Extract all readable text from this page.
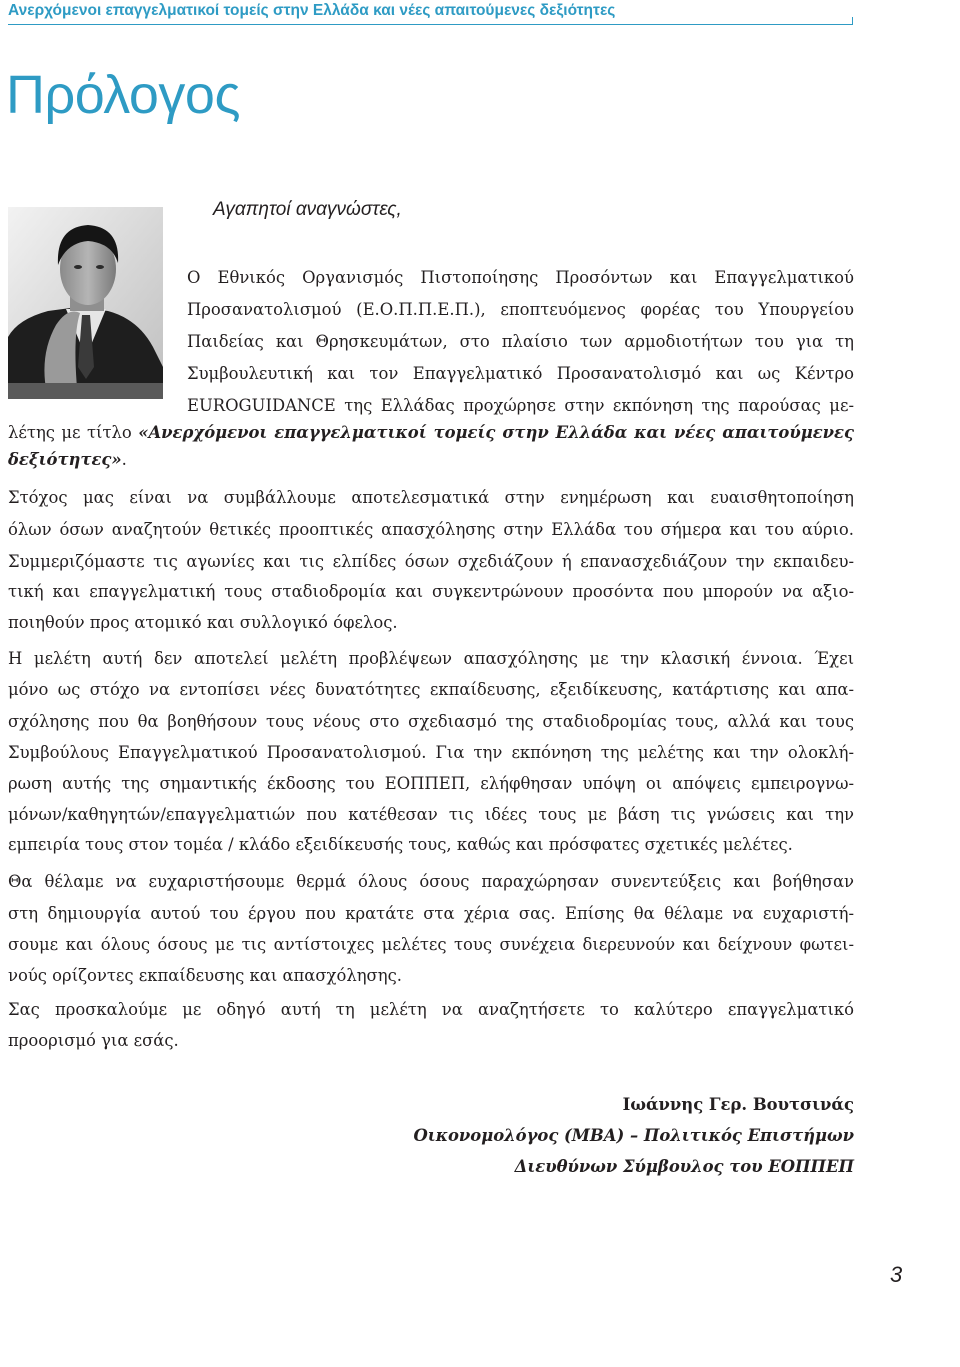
Ανερχόμενοι επαγγελματικοί τομείς στην Ελλάδα και νέες απαιτούμενες δεξιότητες
Πρόλογος
Αγαπητοί αναγνώστες,
Ο Εθνικός Οργανισμός Πιστοποίησης Προσόντων και Επαγγελματικού
Προσανατολισμού (Ε.Ο.Π.Π.Ε.Π.), εποπτευόμενος φορέας του Υπουργείου
Παιδείας και Θρησκευμάτων, στο πλαίσιο των αρμοδιοτήτων του για τη
Συμβουλευτική και τον Επαγγελματικό Προσανατολισμό και ως Κέντρο
EUROGUIDANCE της Ελλάδας προχώρησε στην εκπόνηση της παρούσας με-
λέτης με τίτλο «Ανερχόμενοι επαγγελματικοί τομείς στην Ελλάδα και νέες απαιτούμενες
δεξιότητες».
Στόχος μας είναι να συμβάλλουμε αποτελεσματικά στην ενημέρωση και ευαισθητοποίηση
όλων όσων αναζητούν θετικές προοπτικές απασχόλησης στην Ελλάδα του σήμερα και του αύριο.
Συμμεριζόμαστε τις αγωνίες και τις ελπίδες όσων σχεδιάζουν ή επανασχεδιάζουν την εκπαιδευ-
τική και επαγγελματική τους σταδιοδρομία και συγκεντρώνουν προσόντα που μπορούν να αξιο-
ποιηθούν προς ατομικό και συλλογικό όφελος.
Η μελέτη αυτή δεν αποτελεί μελέτη προβλέψεων απασχόλησης με την κλασική έννοια. Έχει
μόνο ως στόχο να εντοπίσει νέες δυνατότητες εκπαίδευσης, εξειδίκευσης, κατάρτισης και απα-
σχόλησης που θα βοηθήσουν τους νέους στο σχεδιασμό της σταδιοδρομίας τους, αλλά και τους
Συμβούλους Επαγγελματικού Προσανατολισμού. Για την εκπόνηση της μελέτης και την ολοκλή-
ρωση αυτής της σημαντικής έκδοσης του ΕΟΠΠΕΠ, ελήφθησαν υπόψη οι απόψεις εμπειρογνω-
μόνων/καθηγητών/επαγγελματιών που κατέθεσαν τις ιδέες τους με βάση τις γνώσεις και την
εμπειρία τους στον τομέα / κλάδο εξειδίκευσής τους, καθώς και πρόσφατες σχετικές μελέτες.
Θα θέλαμε να ευχαριστήσουμε θερμά όλους όσους παραχώρησαν συνεντεύξεις και βοήθησαν
στη δημιουργία αυτού του έργου που κρατάτε στα χέρια σας. Επίσης θα θέλαμε να ευχαριστή-
σουμε και όλους όσους με τις αντίστοιχες μελέτες τους συνέχεια διερευνούν και δείχνουν φωτει-
νούς ορίζοντες εκπαίδευσης και απασχόλησης.
Σας προσκαλούμε με οδηγό αυτή τη μελέτη να αναζητήσετε το καλύτερο επαγγελματικό
προορισμό για εσάς.
Ιωάννης Γερ. Βουτσινάς
Οικονομολόγος (MBA) – Πολιτικός Επιστήμων
Διευθύνων Σύμβουλος του ΕΟΠΠΕΠ
3
